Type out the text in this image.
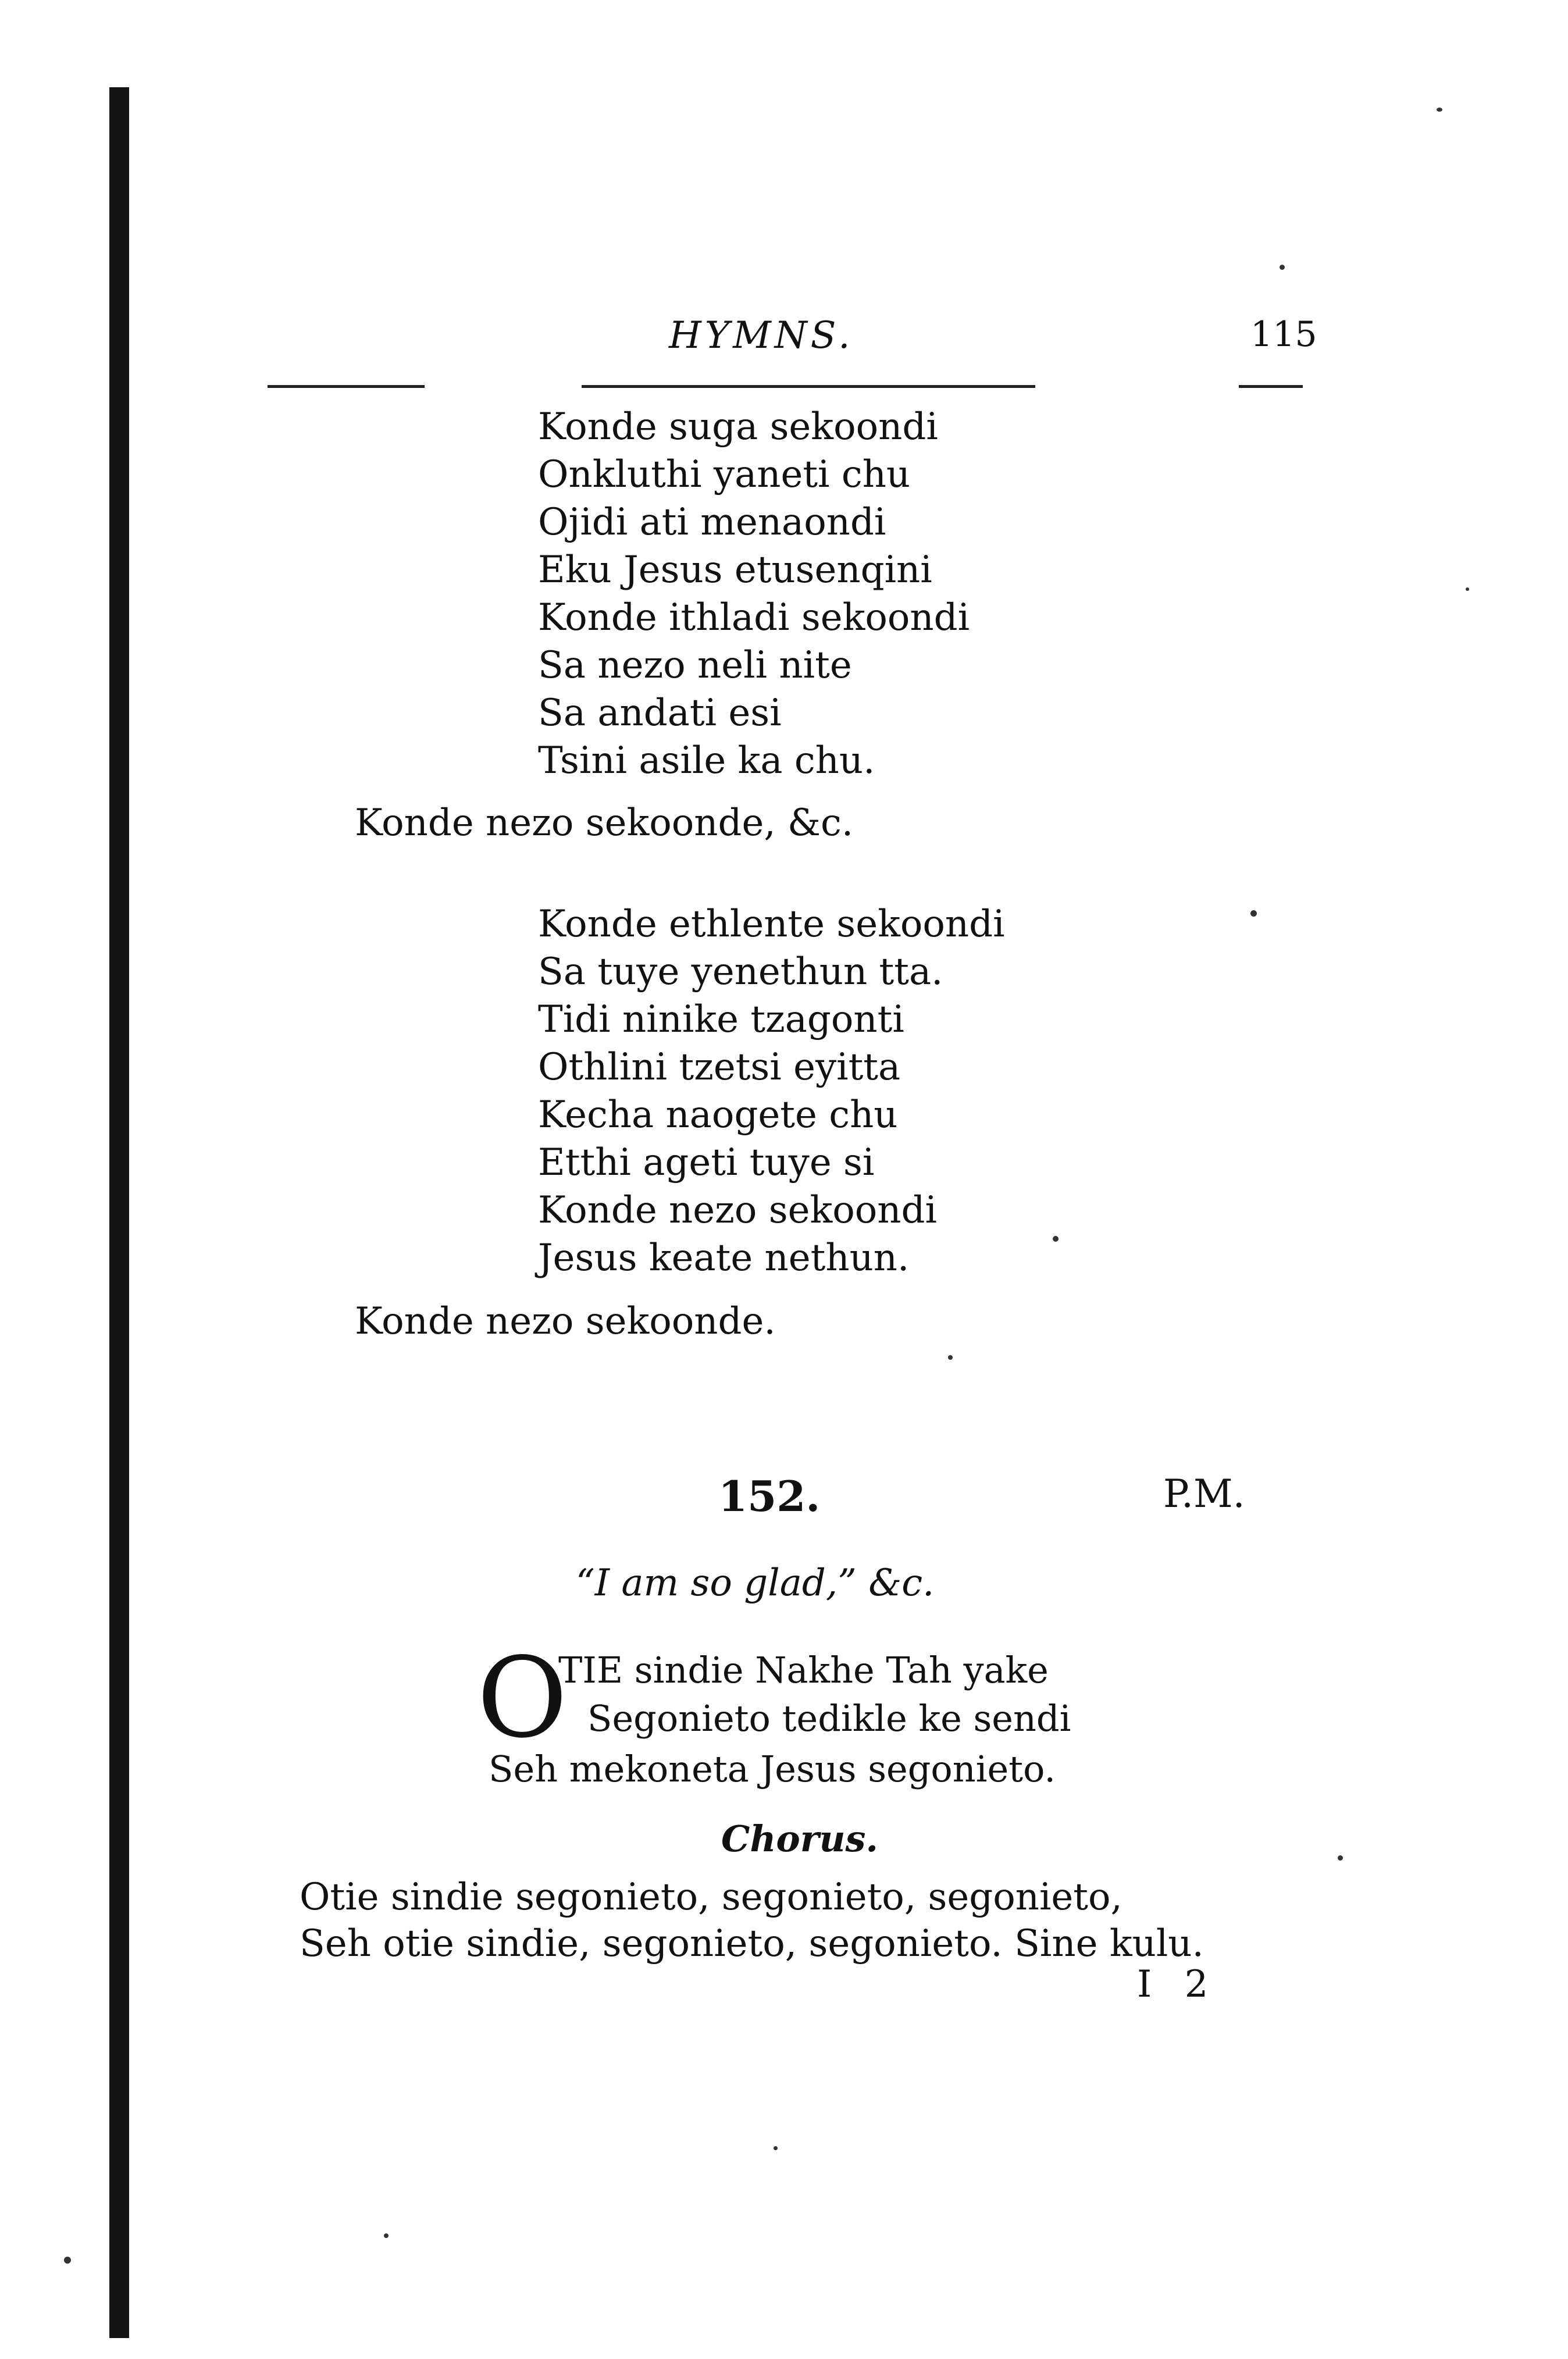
HYMNS.	115
Konde suga sekoondi
Onkluthi yaneti chu
Ojidi ati menaondi
Eku Jesus etusenqini
Konde ithladi sekoondi
Sa nezo neli nite
Sa andati esi
Tsini asile ka chu.
Konde nezo sekoonde, &c.
Konde ethlente sekoondi
Sa tuye yenethun tta.
Tidi ninike tzagonti
Othlini tzetsi eyitta
Kecha naogete chu
Etthi ageti tuye si
Konde nezo sekoondi
Jesus keate nethun.
Konde nezo sekoonde.
152.	P.M.
“I am so glad,” &c.
O
TIE sindie Nakhe Tah yake
Segonieto tedikle ke sendi
Seh mekoneta Jesus segonieto.
Chorus.
Otie sindie segonieto, segonieto, segonieto,
Seh otie sindie, segonieto, segonieto. Sine kulu.
I 2
